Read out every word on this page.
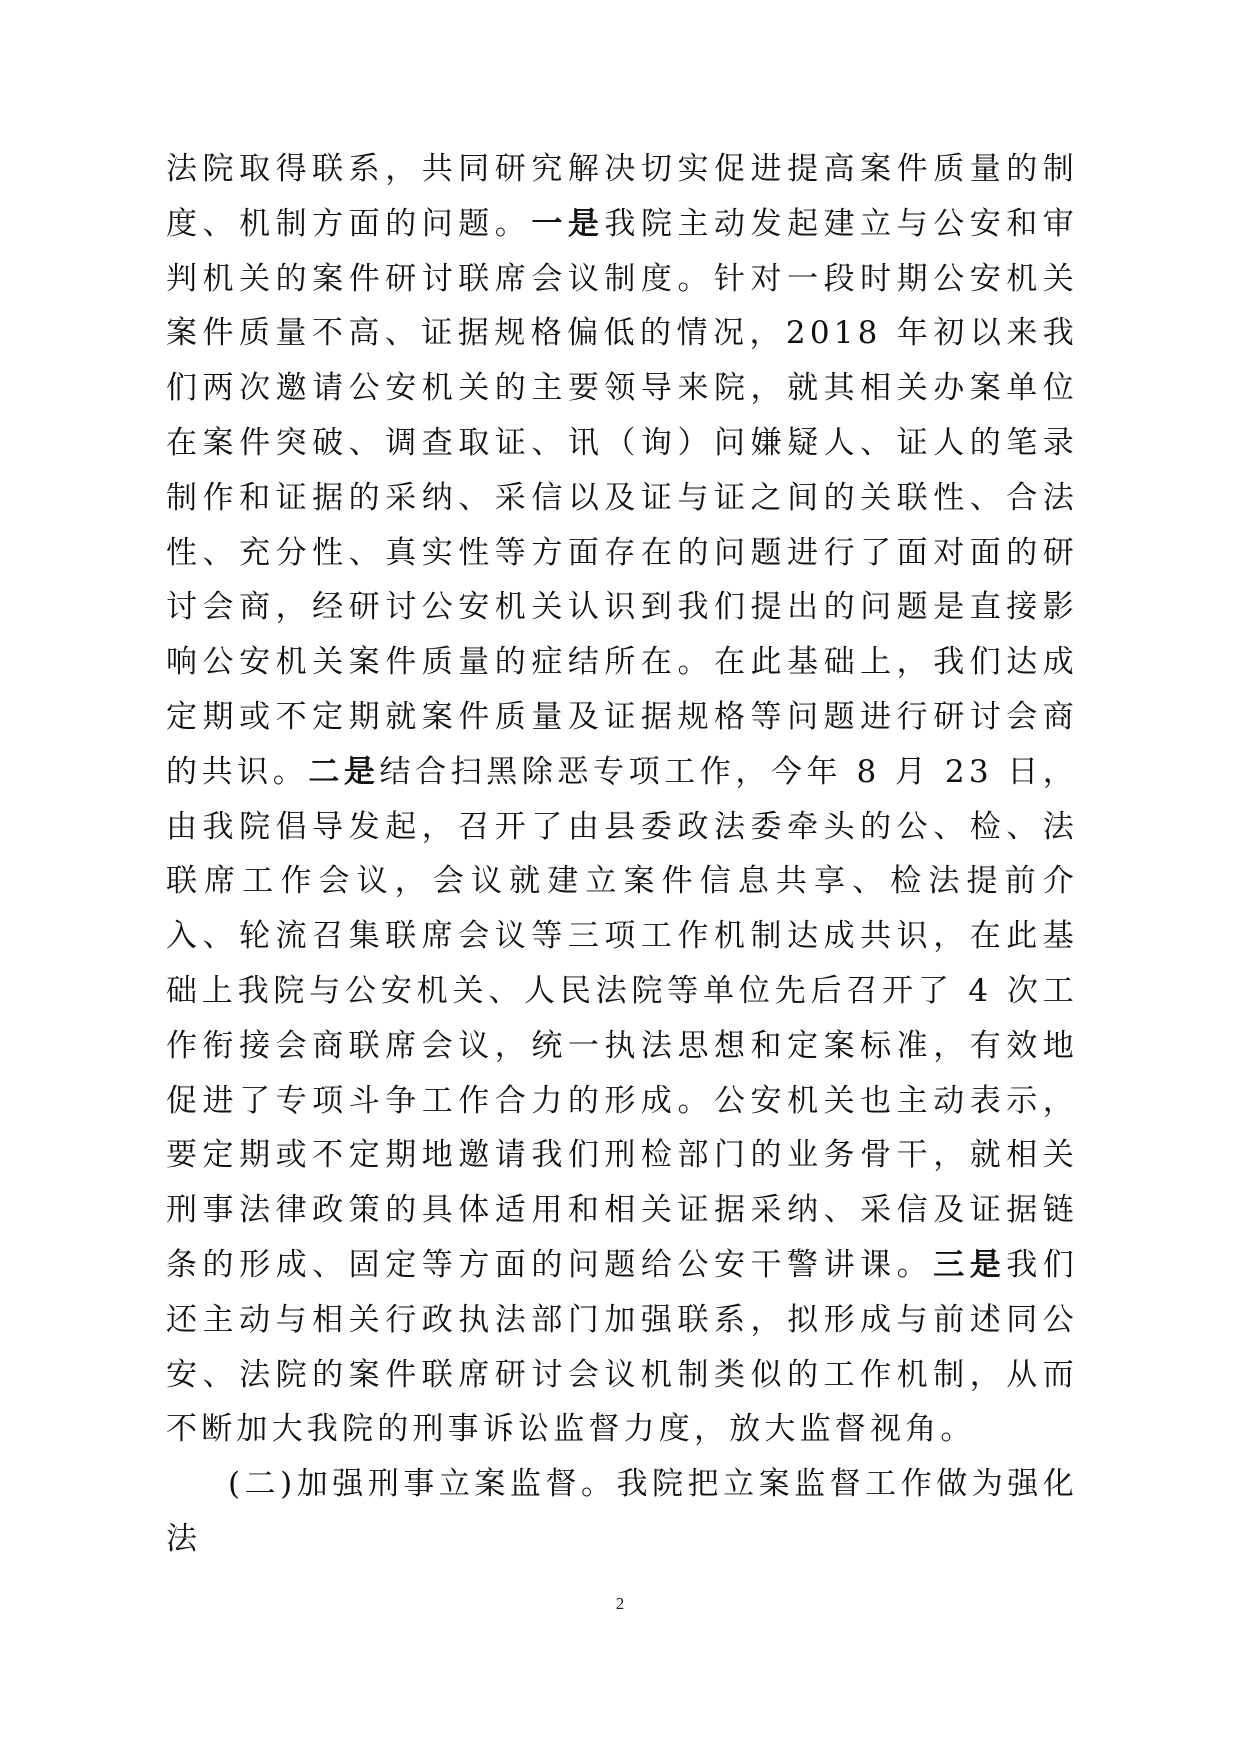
法院取得联系，共同研究解决切实促进提高案件质量的制度、机制方面的问题。一是我院主动发起建立与公安和审判机关的案件研讨联席会议制度。针对一段时期公安机关案件质量不高、证据规格偏低的情况，2018 年初以来我们两次邀请公安机关的主要领导来院，就其相关办案单位在案件突破、调查取证、讯（询）问嫌疑人、证人的笔录制作和证据的采纳、采信以及证与证之间的关联性、合法性、充分性、真实性等方面存在的问题进行了面对面的研讨会商，经研讨公安机关认识到我们提出的问题是直接影响公安机关案件质量的症结所在。在此基础上，我们达成定期或不定期就案件质量及证据规格等问题进行研讨会商的共识。二是结合扫黑除恶专项工作，今年 8 月 23 日，由我院倡导发起，召开了由县委政法委牵头的公、检、法联席工作会议，会议就建立案件信息共享、检法提前介入、轮流召集联席会议等三项工作机制达成共识，在此基础上我院与公安机关、人民法院等单位先后召开了 4 次工作衔接会商联席会议，统一执法思想和定案标准，有效地促进了专项斗争工作合力的形成。公安机关也主动表示，要定期或不定期地邀请我们刑检部门的业务骨干，就相关刑事法律政策的具体适用和相关证据采纳、采信及证据链条的形成、固定等方面的问题给公安干警讲课。三是我们还主动与相关行政执法部门加强联系，拟形成与前述同公安、法院的案件联席研讨会议机制类似的工作机制，从而不断加大我院的刑事诉讼监督力度，放大监督视角。

(二)加强刑事立案监督。我院把立案监督工作做为强化法

2
